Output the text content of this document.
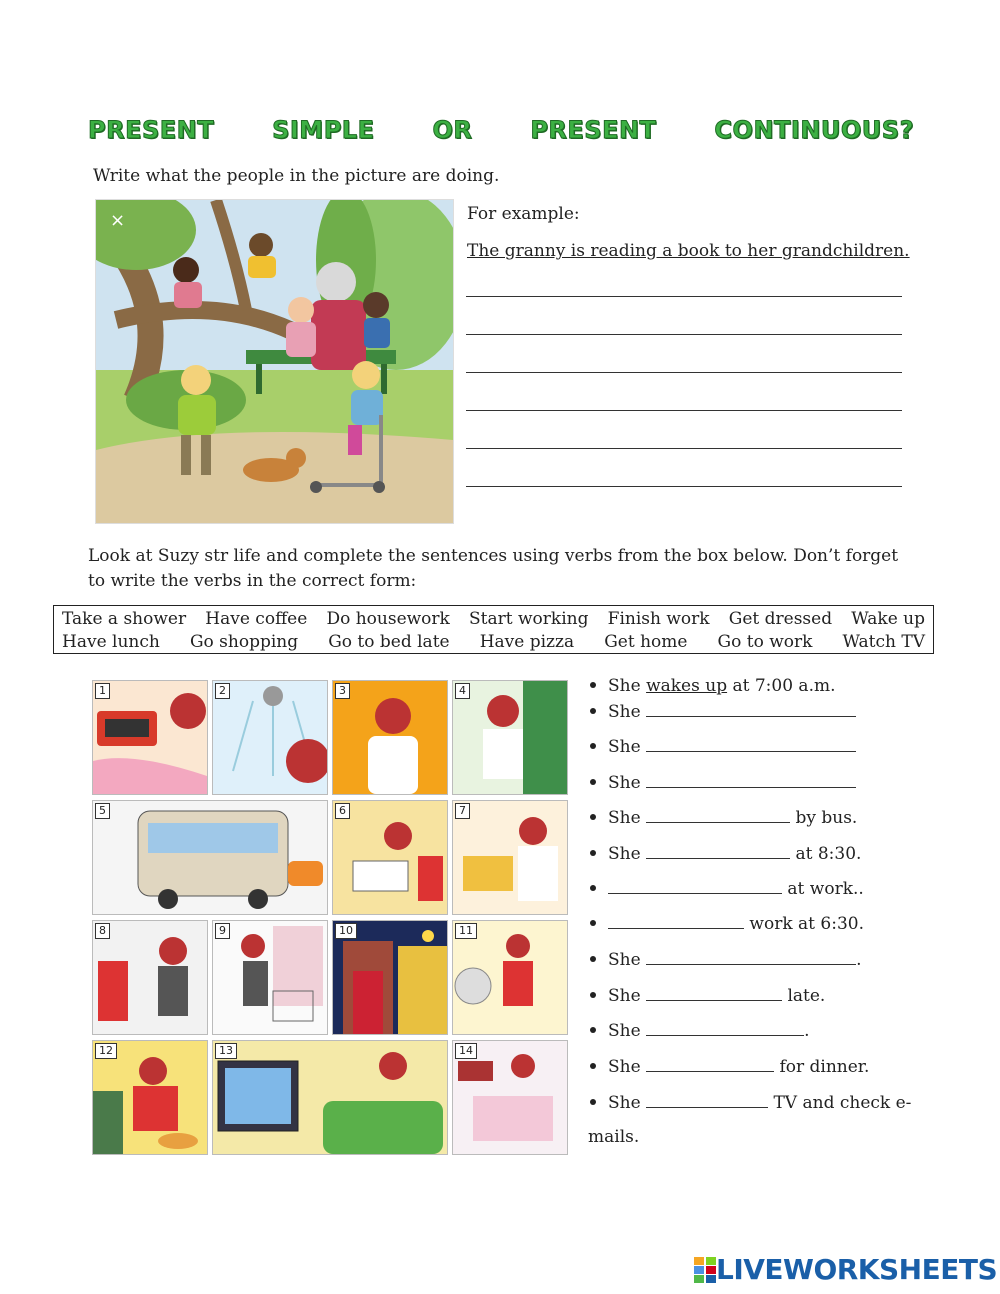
PRESENT SIMPLE OR PRESENT CONTINUOUS?
Write what the people in the picture are doing.
×	For example:
The granny is reading a book to her grandchildren.
Look at Suzy str life and complete the sentences using verbs from the box below. Don’t forget to write the verbs in the correct form:
Take a shower Have coffee Do housework Start working Finish work Get dressed Wake up
Have lunch Go shopping Go to bed late Have pizza Get home Go to work Watch TV
1	2	3	4
5	6	7
8	9	10	11
12	13	14
She wakes up at 7:00 a.m.
She
She
She
She	by bus.
She	at 8:30.
at work..
work at 6:30.
She	.
She	late.
She	.
She	for dinner.
She	TV and check e-
mails.
LIVEWORKSHEETS
